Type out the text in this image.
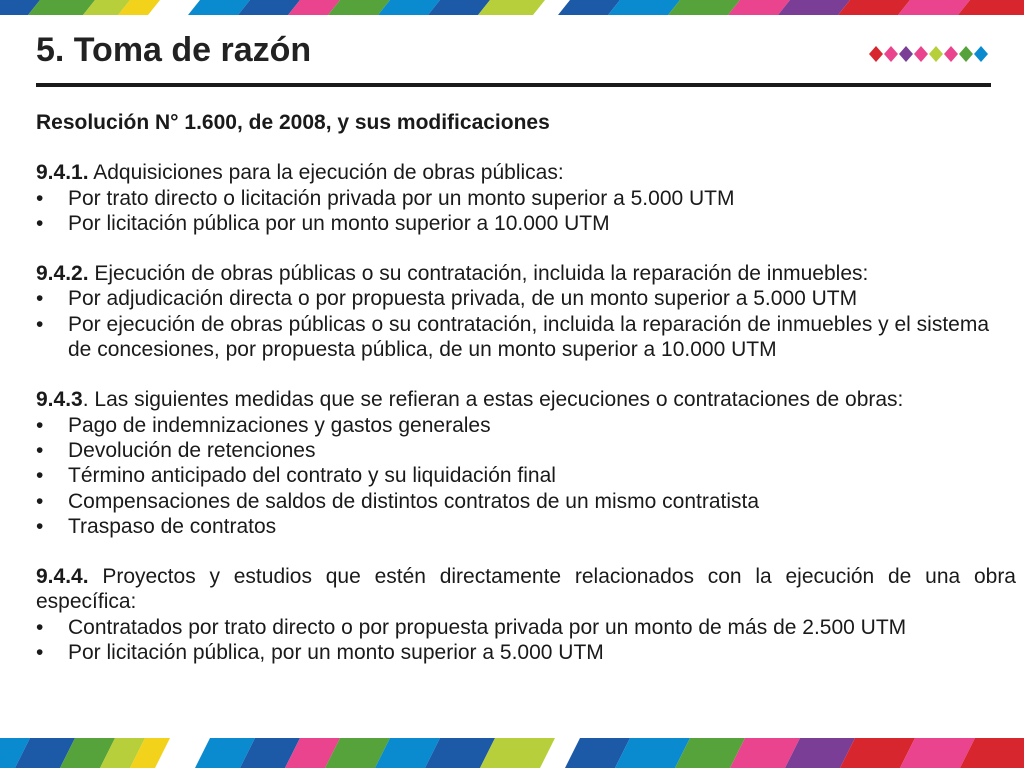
5. Toma de razón

Resolución N° 1.600, de 2008, y sus modificaciones

9.4.1. Adquisiciones para la ejecución de obras públicas:

• Por trato directo o licitación privada por un monto superior a 5.000 UTM
• Por licitación pública por un monto superior a 10.000 UTM

9.4.2. Ejecución de obras públicas o su contratación, incluida la reparación de inmuebles:

• Por adjudicación directa o por propuesta privada, de un monto superior a 5.000 UTM
• Por ejecución de obras públicas o su contratación, incluida la reparación de inmuebles y el sistema de concesiones, por propuesta pública, de un monto superior a 10.000 UTM

9.4.3. Las siguientes medidas que se refieran a estas ejecuciones o contrataciones de obras:

• Pago de indemnizaciones y gastos generales
• Devolución de retenciones
• Término anticipado del contrato y su liquidación final
• Compensaciones de saldos de distintos contratos de un mismo contratista
• Traspaso de contratos

9.4.4. Proyectos y estudios que estén directamente relacionados con la ejecución de una obra específica:

• Contratados por trato directo o por propuesta privada por un monto de más de 2.500 UTM
• Por licitación pública, por un monto superior a 5.000 UTM
